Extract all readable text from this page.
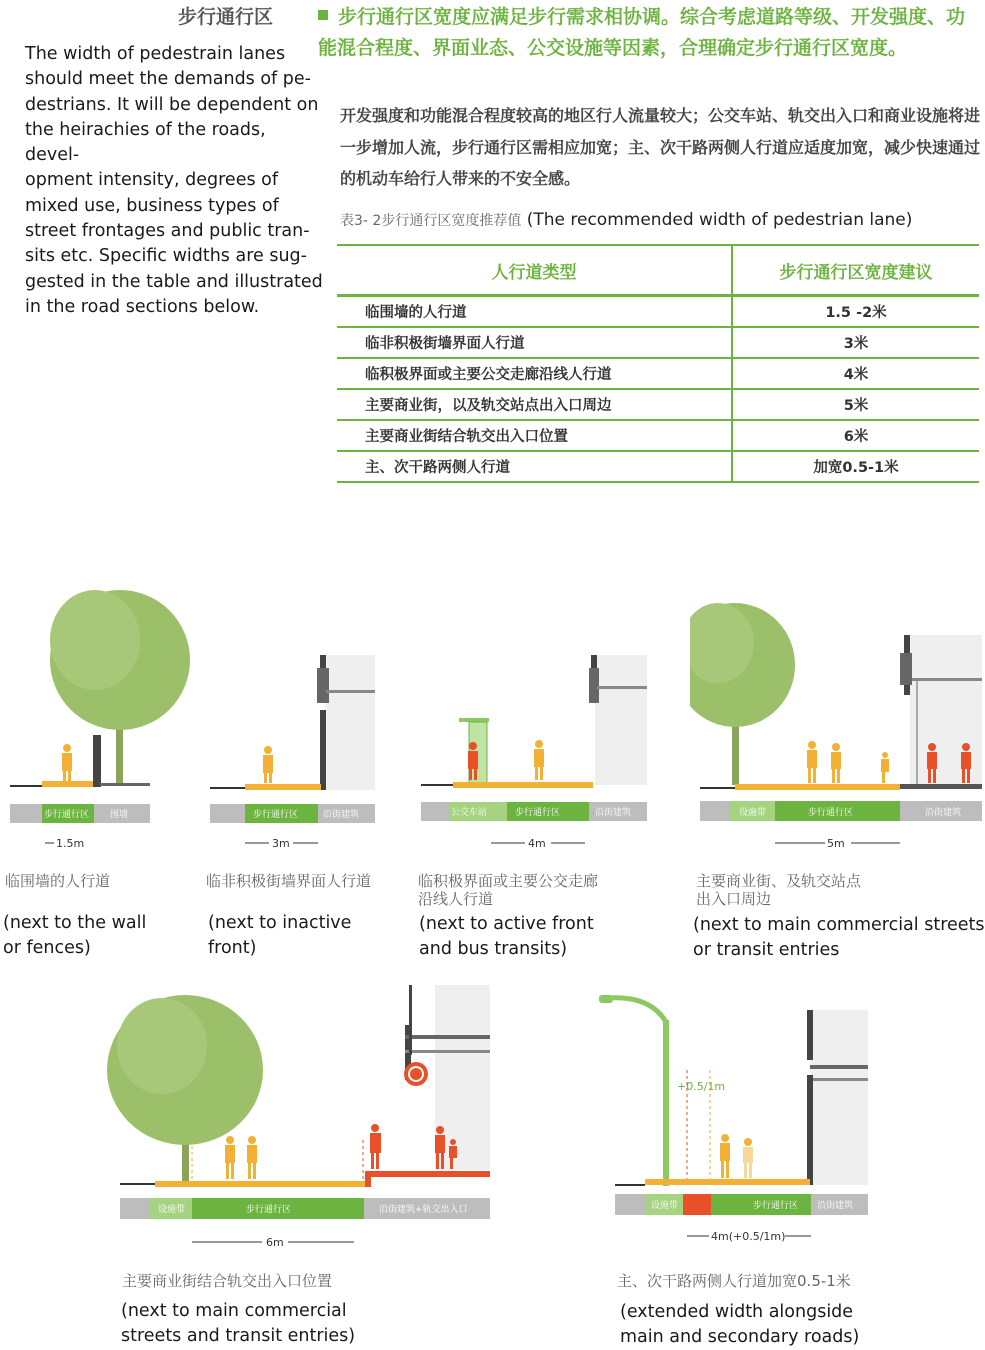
步行通行区
The width of pedestrain lanes
should meet the demands of pe-
destrians. It will be dependent on
the heirachies of the roads, devel-
opment intensity, degrees of
mixed use, business types of
street frontages and public tran-
sits etc. Specific widths are sug-
gested in the table and illustrated
in the road sections below.
步行通行区宽度应满足步行需求相协调。综合考虑道路等级、开发强度、功能混合程度、界面业态、公交设施等因素，合理确定步行通行区宽度。
开发强度和功能混合程度较高的地区行人流量较大；公交车站、轨交出入口和商业设施将进一步增加人流，步行通行区需相应加宽；主、次干路两侧人行道应适度加宽，减少快速通过的机动车给行人带来的不安全感。
表3- 2步行通行区宽度推荐值 (The recommended width of pedestrian lane)
人行道类型	步行通行区宽度建议
临围墙的人行道	1.5 -2米
临非积极街墙界面人行道	3米
临积极界面或主要公交走廊沿线人行道	4米
主要商业街，以及轨交站点出入口周边	5米
主要商业街结合轨交出入口位置	6米
主、次干路两侧人行道	加宽0.5-1米
步行通行区 围墙
1.5m
步行通行区	沿街建筑
3m
公交车站	步行通行区	沿街建筑
4m
设施带	步行通行区	沿街建筑
5m
设施带	步行通行区	沿街建筑+轨交出入口
6m
+0.5/1m
设施带	步行通行区 沿街建筑
4m(+0.5/1m)
临围墙的人行道
(next to the wall
or fences)
临非积极街墙界面人行道
(next to inactive
front)
临积极界面或主要公交走廊
沿线人行道
(next to active front
and bus transits)
主要商业街、及轨交站点
出入口周边
(next to main commercial streets
or transit entries
主要商业街结合轨交出入口位置
(next to main commercial
streets and transit entries)
主、次干路两侧人行道加宽0.5-1米
(extended width alongside
main and secondary roads)
